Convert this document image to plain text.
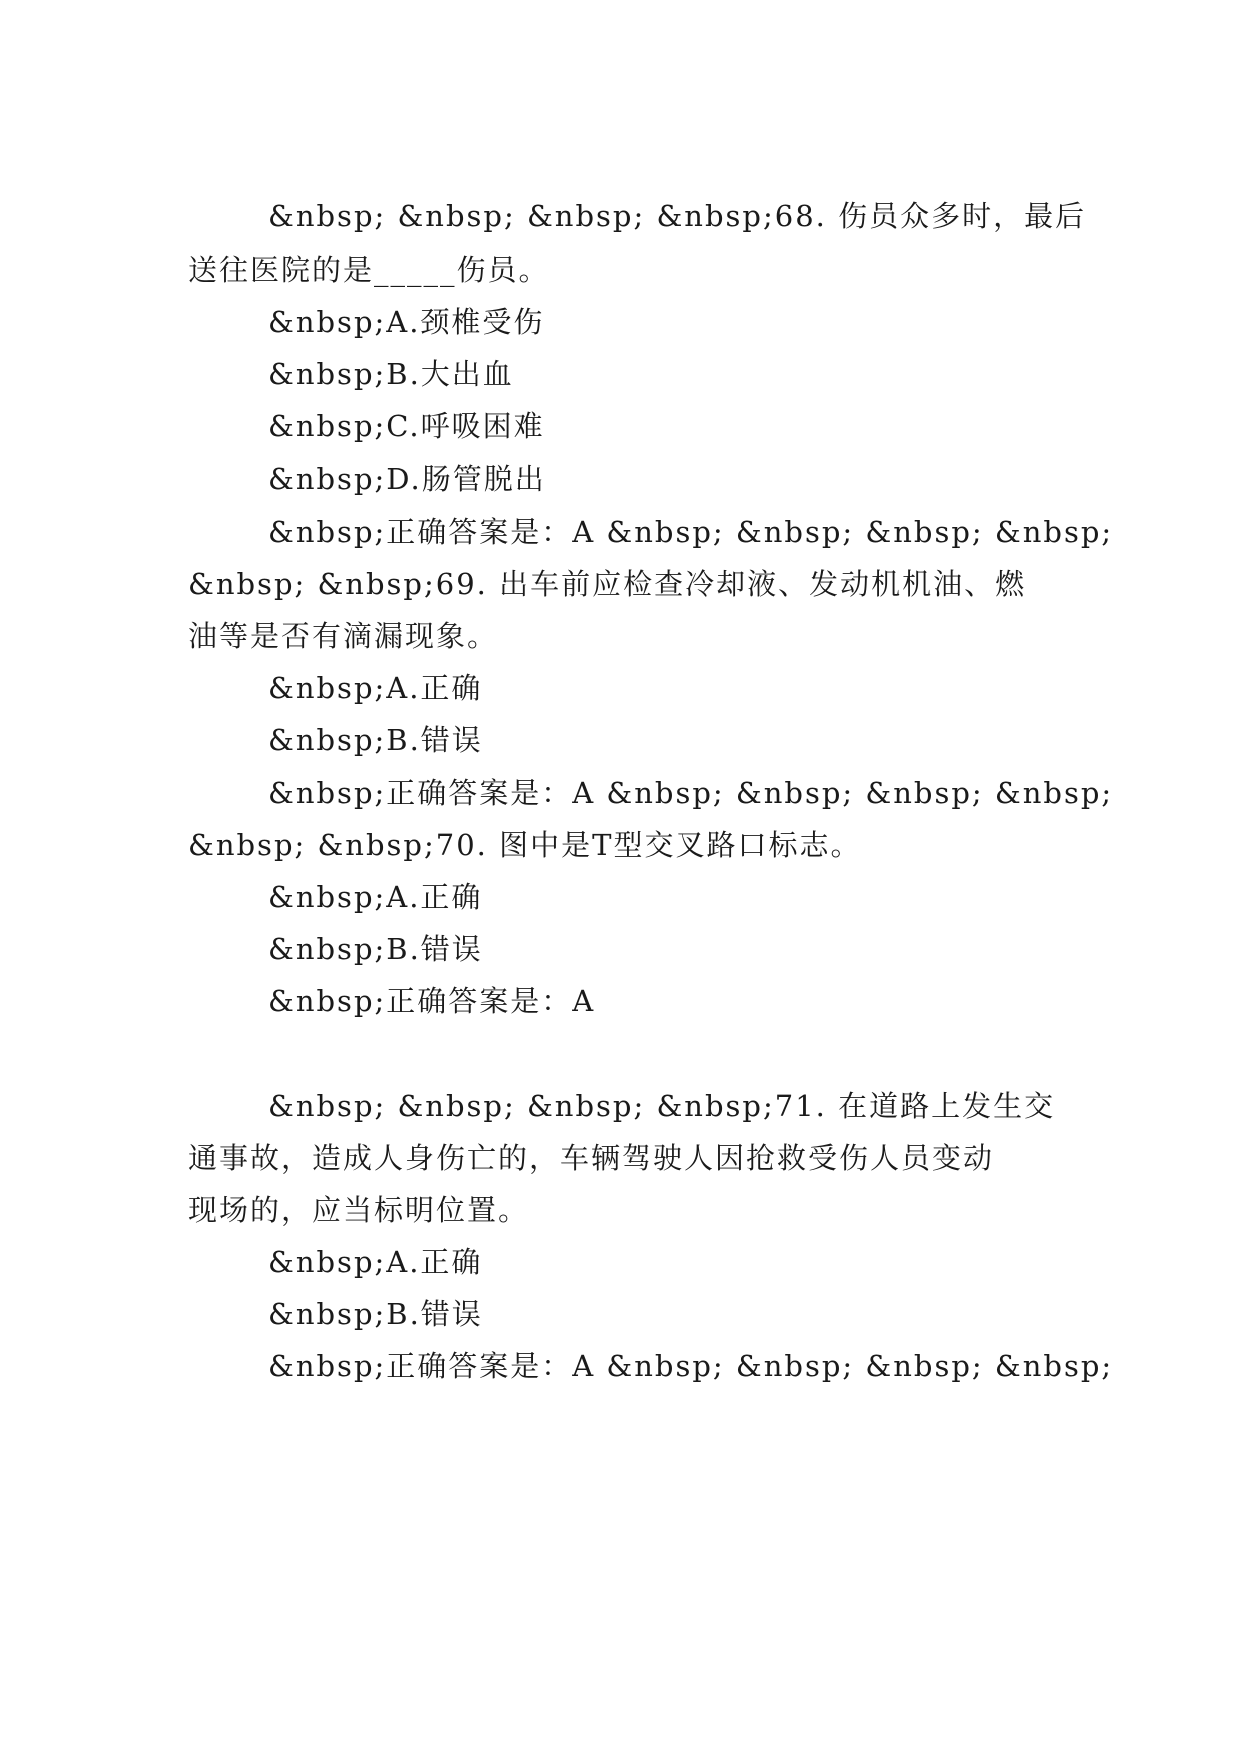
&nbsp; &nbsp; &nbsp; &nbsp;68. 伤员众多时，最后
送往医院的是_____伤员。
&nbsp;A.颈椎受伤
&nbsp;B.大出血
&nbsp;C.呼吸困难
&nbsp;D.肠管脱出
&nbsp;正确答案是：A &nbsp; &nbsp; &nbsp; &nbsp;
&nbsp; &nbsp;69. 出车前应检查冷却液、发动机机油、燃
油等是否有滴漏现象。
&nbsp;A.正确
&nbsp;B.错误
&nbsp;正确答案是：A &nbsp; &nbsp; &nbsp; &nbsp;
&nbsp; &nbsp;70. 图中是T型交叉路口标志。
&nbsp;A.正确
&nbsp;B.错误
&nbsp;正确答案是：A
&nbsp; &nbsp; &nbsp; &nbsp;71. 在道路上发生交
通事故，造成人身伤亡的，车辆驾驶人因抢救受伤人员变动
现场的，应当标明位置。
&nbsp;A.正确
&nbsp;B.错误
&nbsp;正确答案是：A &nbsp; &nbsp; &nbsp; &nbsp;
